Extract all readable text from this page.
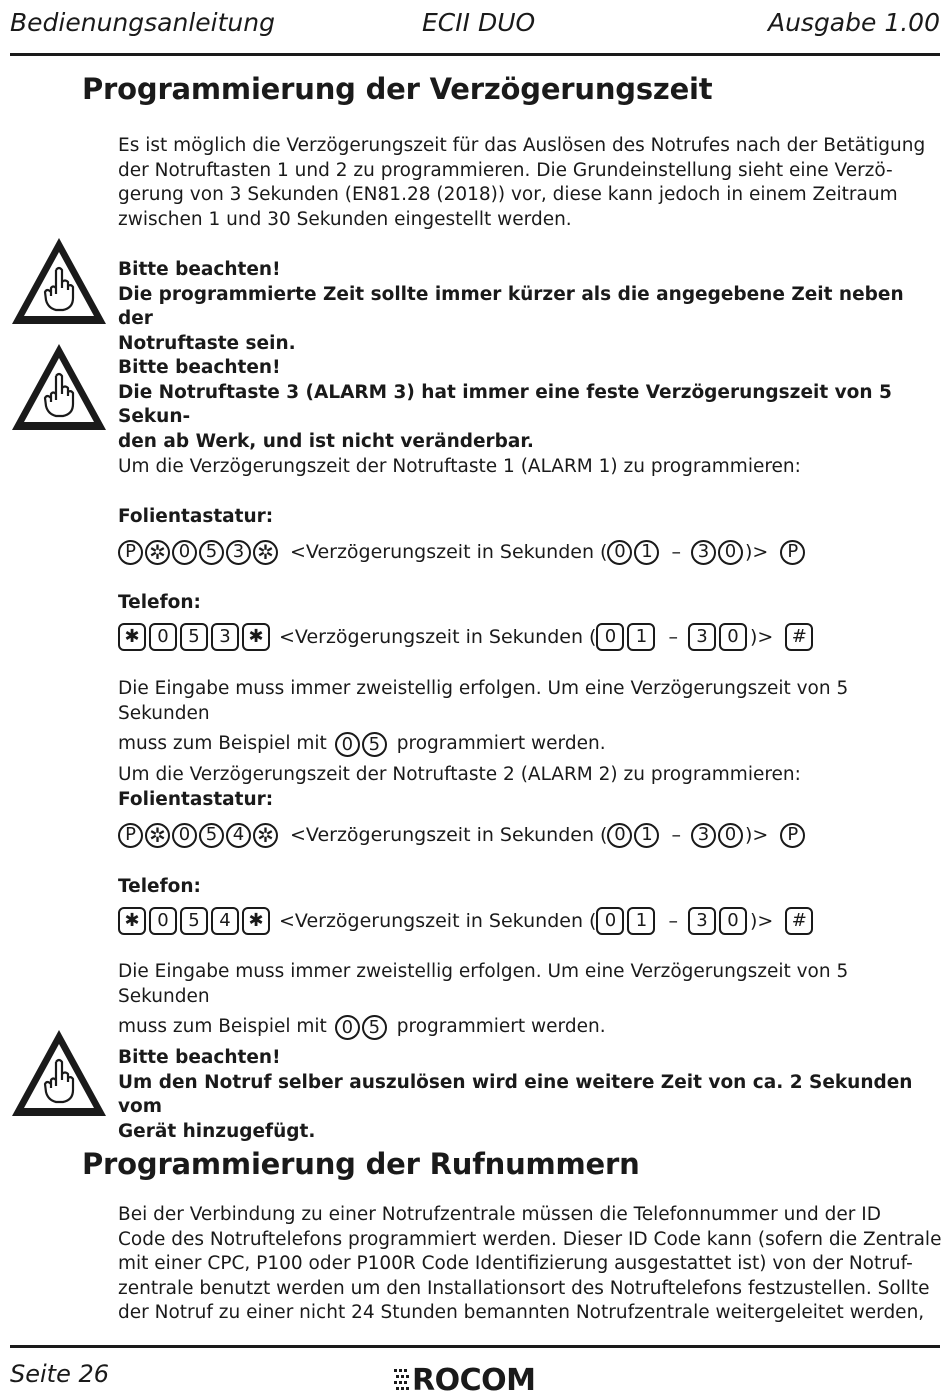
Bedienungsanleitung	ECII DUO	Ausgabe 1.00
Programmierung der Verzögerungszeit
Es ist möglich die Verzögerungszeit für das Auslösen des Notrufes nach der Betätigung
der Notruftasten 1 und 2 zu programmieren. Die Grundeinstellung sieht eine Verzö-
gerung von 3 Sekunden (EN81.28 (2018)) vor, diese kann jedoch in einem Zeitraum
zwischen 1 und 30 Sekunden eingestellt werden.
Bitte beachten!
Die programmierte Zeit sollte immer kürzer als die angegebene Zeit neben der
Notruftaste sein.
Bitte beachten!
Die Notruftaste 3 (ALARM 3) hat immer eine feste Verzögerungszeit von 5 Sekun-
den ab Werk, und ist nicht veränderbar.
Um die Verzögerungszeit der Notruftaste 1 (ALARM 1) zu programmieren:
Folientastatur:
P ✲ 0 5 3 ✲ <Verzögerungszeit in Sekunden ( 0 1 – 3 0 )>	P
Telefon:
✱ 0	5	3 ✱ <Verzögerungszeit in Sekunden ( 0	1	–	3	0 )>	#
Die Eingabe muss immer zweistellig erfolgen. Um eine Verzögerungszeit von 5 Sekunden
muss zum Beispiel mit 0 5 programmiert werden.
Um die Verzögerungszeit der Notruftaste 2 (ALARM 2) zu programmieren:
Folientastatur:
P ✲ 0 5 4 ✲ <Verzögerungszeit in Sekunden ( 0 1 – 3 0 )>	P
Telefon:
✱ 0	5	4 ✱ <Verzögerungszeit in Sekunden ( 0	1	–	3	0 )>	#
Die Eingabe muss immer zweistellig erfolgen. Um eine Verzögerungszeit von 5 Sekunden
muss zum Beispiel mit 0 5 programmiert werden.
Bitte beachten!
Um den Notruf selber auszulösen wird eine weitere Zeit von ca. 2 Sekunden vom
Gerät hinzugefügt.
Programmierung der Rufnummern
Bei der Verbindung zu einer Notrufzentrale müssen die Telefonnummer und der ID
Code des Notruftelefons programmiert werden. Dieser ID Code kann (sofern die Zentrale
mit einer CPC, P100 oder P100R Code Identifizierung ausgestattet ist) von der Notruf-
zentrale benutzt werden um den Installationsort des Notruftelefons festzustellen. Sollte
der Notruf zu einer nicht 24 Stunden bemannten Notrufzentrale weitergeleitet werden,
Seite 26	ROCOM
